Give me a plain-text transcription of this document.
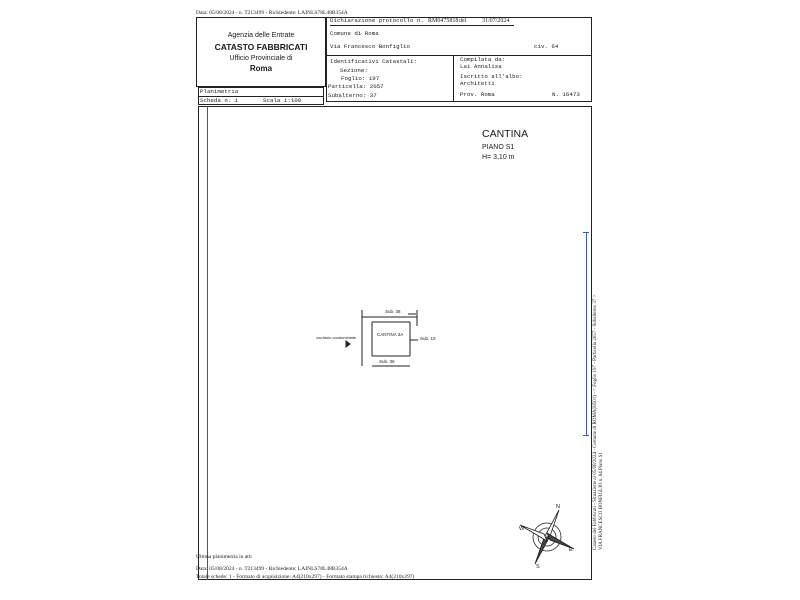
Data: 05/08/2024 - n. T213499 - Richiedente: LAINLS78L48B354A
Agenzia delle Entrate
CATASTO FABBRICATI
Ufficio Provinciale di
Roma
Dichiarazione protocollo n. RM0475818 del	31/07/2024
Comune di Roma
Via Francesco Bonfiglio	civ. 64
Identificativi Catastali:
Sezione:
Foglio: 197
Particella: 2057
Subalterno: 37
Compilata da:
Lai Annalisa
Iscritto all'albo:
Architetti
Prov. Roma	N. 16473
Planimetria
Scheda n. 1	Scala 1:100
CANTINA
PIANO S1
H= 3,10 m
Sub. 38
CANTINA 3A
corridoio condominiale	Sub. 10
Sub. 36
N
E
S
W	Catasto dei Fabbricati - Situazione al 05/08/2024 - Comune di ROMA(H501) - < Foglio 197 - Particella 2057 - Subalterno 37 > VIA FRANCESCO BONFIGLIO n. 64 Piano S1
Ultima planimetria in atti
Data: 05/08/2024 - n. T213499 - Richiedente: LAINLS78L48B354A
Totale schede: 1 - Formato di acquisizione: A4(210x297) - Formato stampa richiesto: A4(210x297)
